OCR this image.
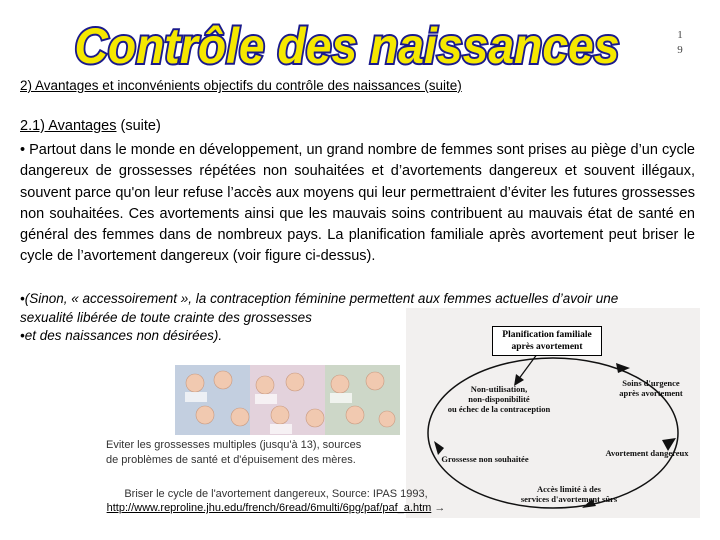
Contrôle des naissances	1
9
2) Avantages et inconvénients objectifs du contrôle des naissances (suite)
2.1) Avantages (suite)
• Partout dans le monde en développement, un grand nombre de femmes sont prises au piège d’un cycle dangereux de grossesses répétées non souhaitées et d’avortements dangereux et souvent illégaux, souvent parce qu'on leur refuse l’accès aux moyens qui leur permettraient d’éviter les futures grossesses non souhaitées. Ces avortements ainsi que les mauvais soins contribuent au mauvais état de santé en général des femmes dans de nombreux pays. La planification familiale après avortement peut briser le cycle de l’avortement dangereux (voir figure ci-dessus).
•(Sinon, « accessoirement », la contraception féminine permettent aux femmes actuelles d’avoir une
sexualité libérée de toute crainte des grossesses
•et des naissances non désirées).
Eviter les grossesses multiples (jusqu'à 13), sources
de problèmes de santé et d'épuisement des mères.
Planification familiale
après avortement
Non-utilisation,
non-disponibilité
ou échec de la contraception
Soins d'urgence
après avortement
Grossesse non souhaitée
Avortement dangereux
Accès limité à des
services d'avortement sûrs
Briser le cycle de l'avortement dangereux, Source: IPAS 1993,
http://www.reproline.jhu.edu/french/6read/6multi/6pg/paf/paf_a.htm →
